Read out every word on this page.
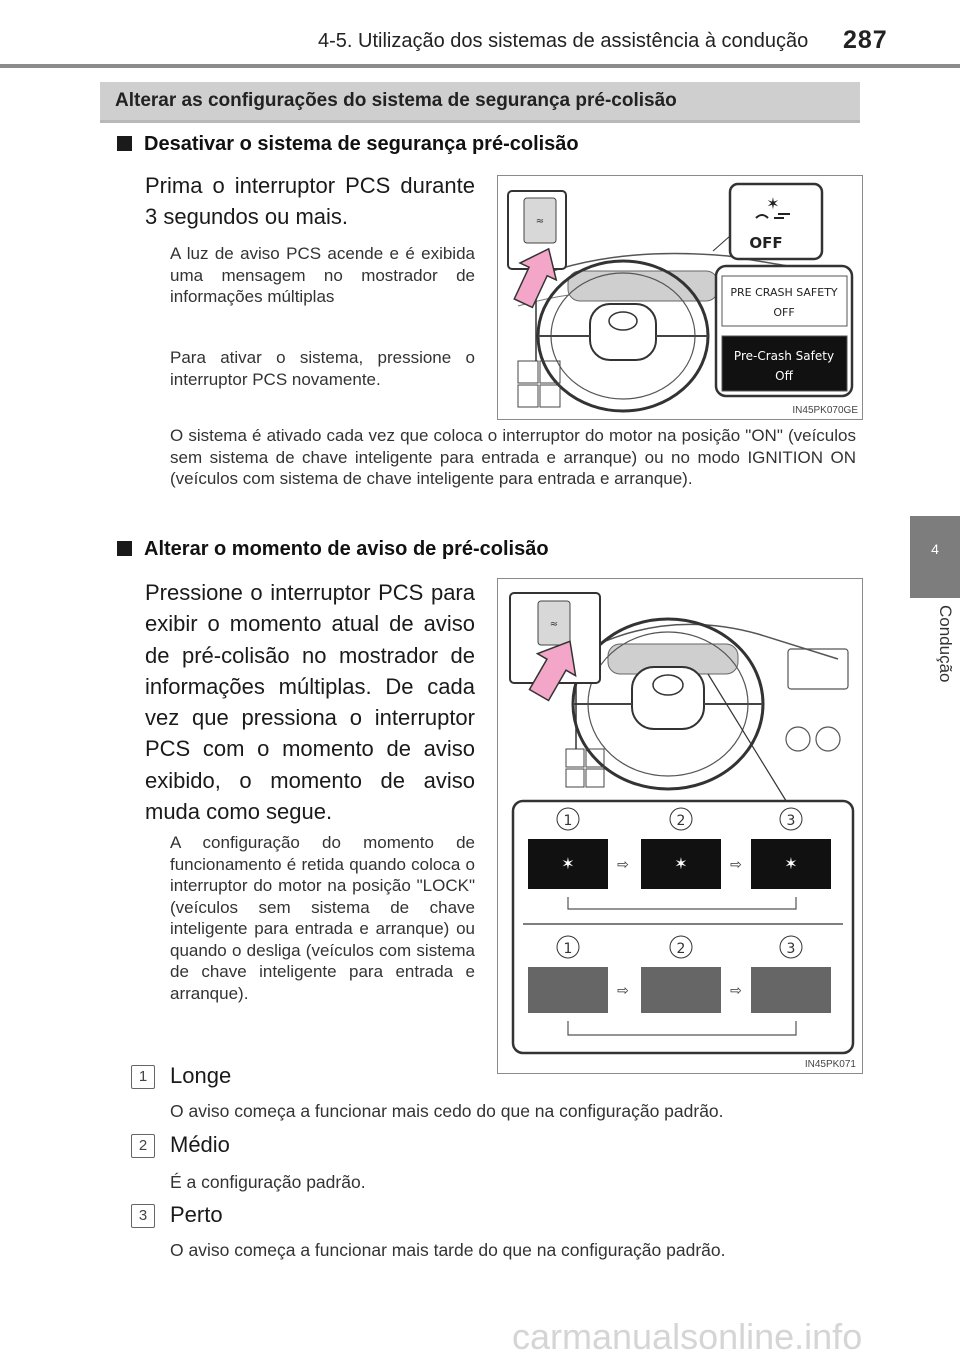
4-5. Utilização dos sistemas de assistência à condução 287
4
Condução
Alterar as configurações do sistema de segurança pré-colisão
Desativar o sistema de segurança pré-colisão
Prima o interruptor PCS durante 3 segundos ou mais.
A luz de aviso PCS acende e é exibida uma mensagem no mostrador de informações múltiplas
Para ativar o sistema, pressione o interruptor PCS novamente.
O sistema é ativado cada vez que coloca o interruptor do motor na posição "ON" (veículos sem sistema de chave inteligente para entrada e arranque) ou no modo IGNITION ON (veículos com sistema de chave inteligente para entrada e arranque).
≈
✶
OFF
PRE CRASH SAFETY
OFF
Pre-Crash Safety
Off
IN45PK070GE
Alterar o momento de aviso de pré-colisão
Pressione o interruptor PCS para exibir o momento atual de aviso de pré-colisão no mostrador de informações múltiplas. De cada vez que pressiona o interruptor PCS com o momento de aviso exibido, o momento de aviso muda como segue.
A configuração do momento de funcionamento é retida quando coloca o interruptor do motor na posição "LOCK" (veículos sem sistema de chave inteligente para entrada e arranque) ou quando o desliga (veículos com sistema de chave inteligente para entrada e arranque).
≈
1	2	3
✶	✶	✶
⇨	⇨
1	2	3
⇨	⇨
IN45PK071
1	Longe
O aviso começa a funcionar mais cedo do que na configuração padrão.
2	Médio
É a configuração padrão.
3	Perto
O aviso começa a funcionar mais tarde do que na configuração padrão.
carmanualsonline.info
